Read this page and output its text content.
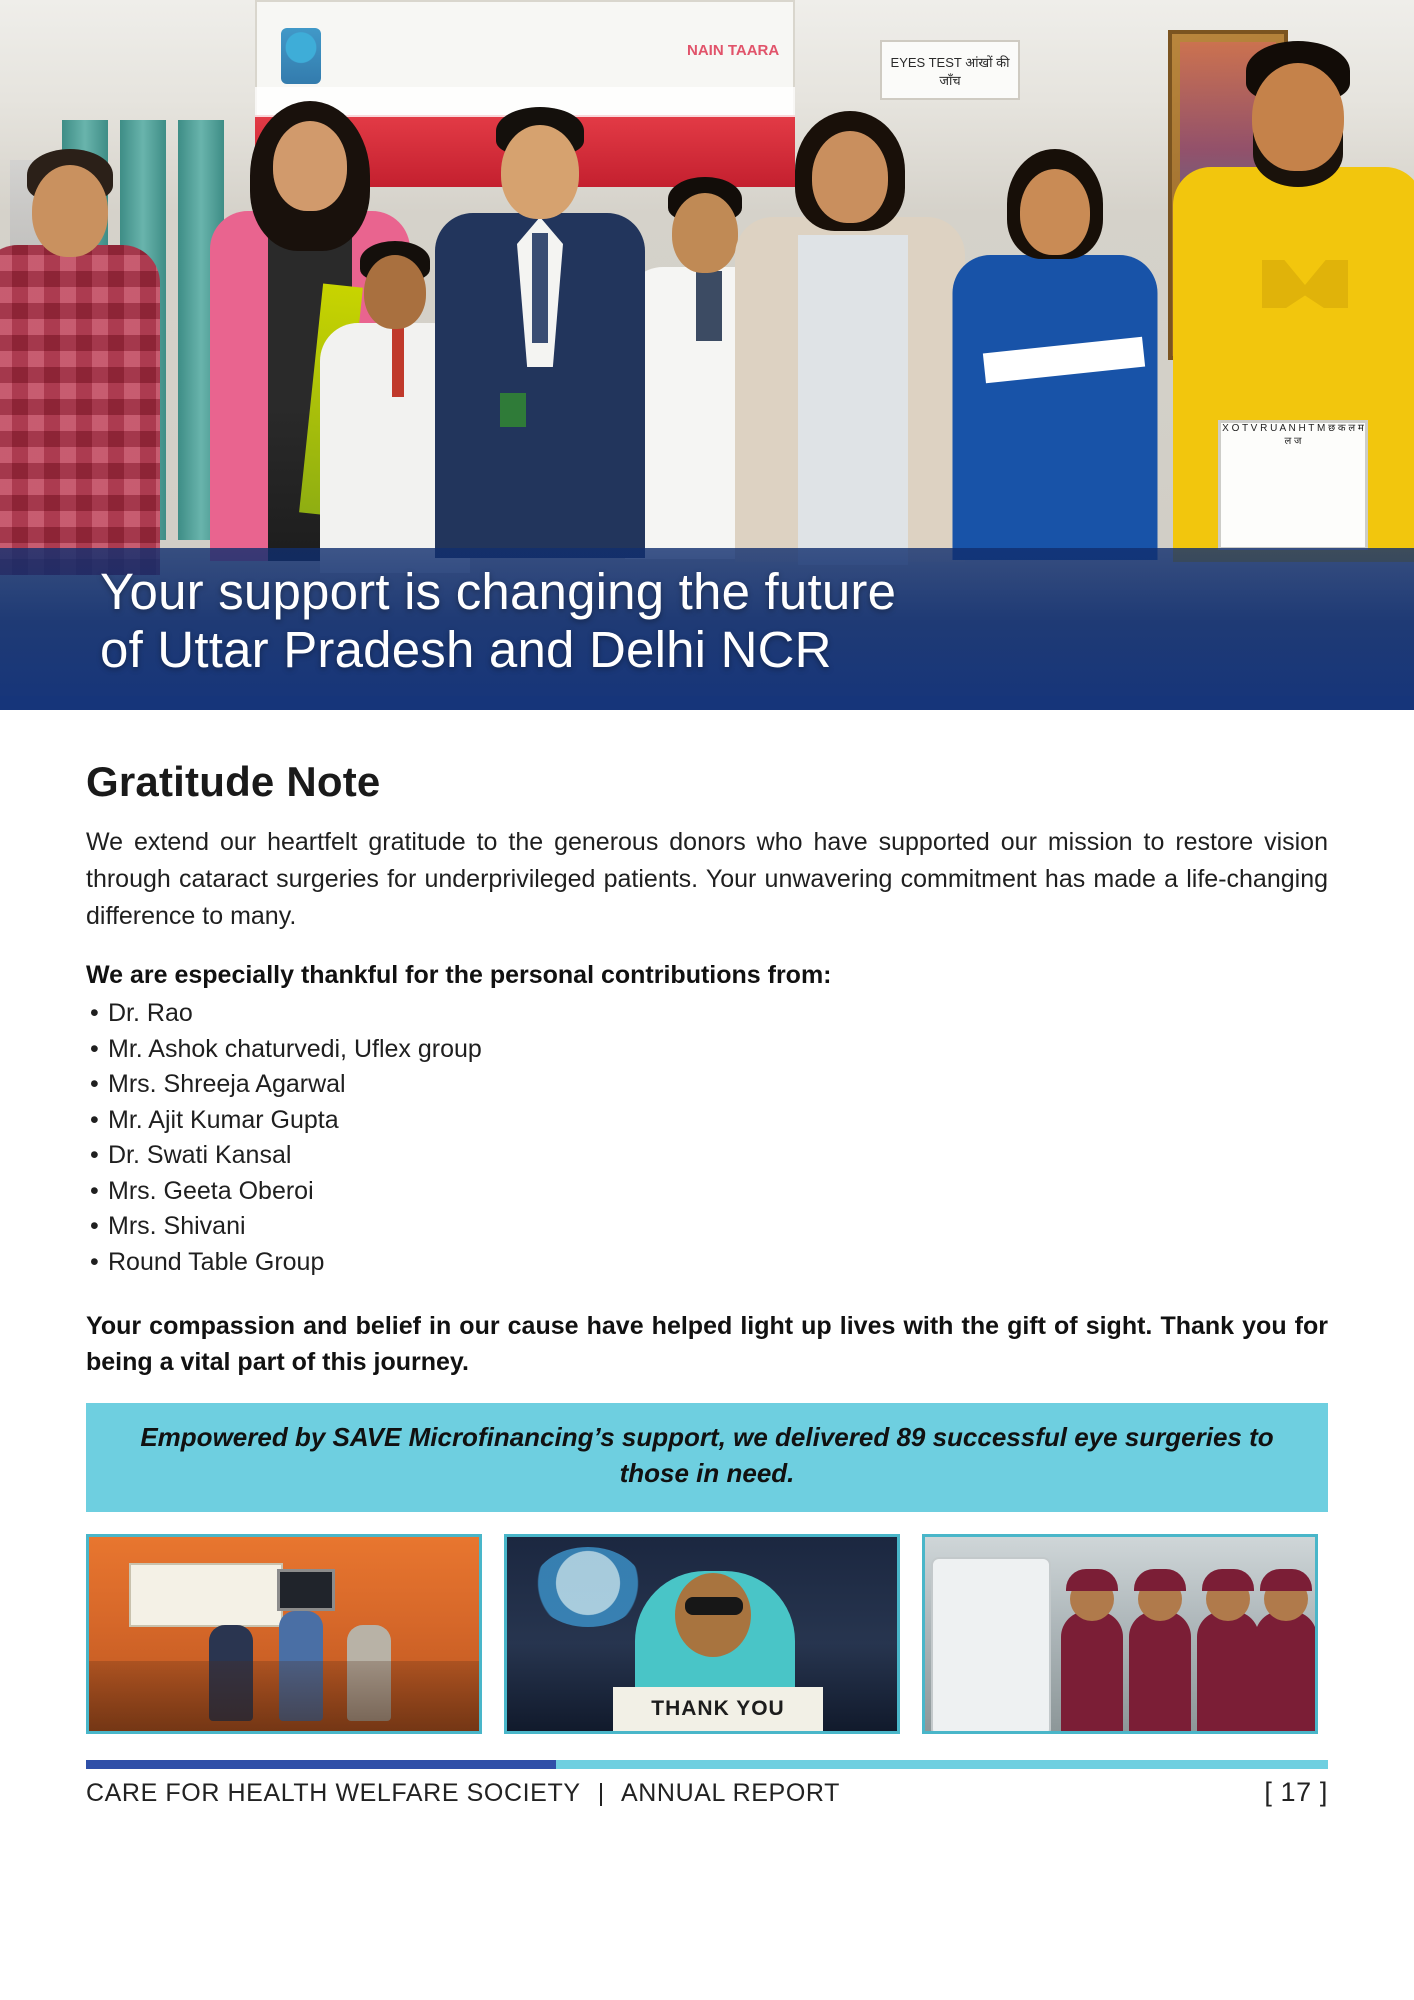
NAIN TAARA
EYES TEST आंखों की जाँच
X O T V R U A N H T M छ क ल म ल ज
Your support is changing the future
of Uttar Pradesh and Delhi NCR
Gratitude Note

We extend our heartfelt gratitude to the generous donors who have supported our mission to restore vision through cataract surgeries for underprivileged patients. Your unwavering commitment has made a life-changing difference to many.

We are especially thankful for the personal contributions from:
• Dr. Rao
• Mr. Ashok chaturvedi, Uflex group
• Mrs. Shreeja Agarwal
• Mr. Ajit Kumar Gupta
• Dr. Swati Kansal
• Mrs. Geeta Oberoi
• Mrs. Shivani
• Round Table Group

Your compassion and belief in our cause have helped light up lives with the gift of sight. Thank you for being a vital part of this journey.

Empowered by SAVE Microfinancing’s support, we delivered 89 successful eye surgeries to those in need.

THANK YOU
CARE FOR HEALTH WELFARE SOCIETY | ANNUAL REPORT	[ 17 ]
